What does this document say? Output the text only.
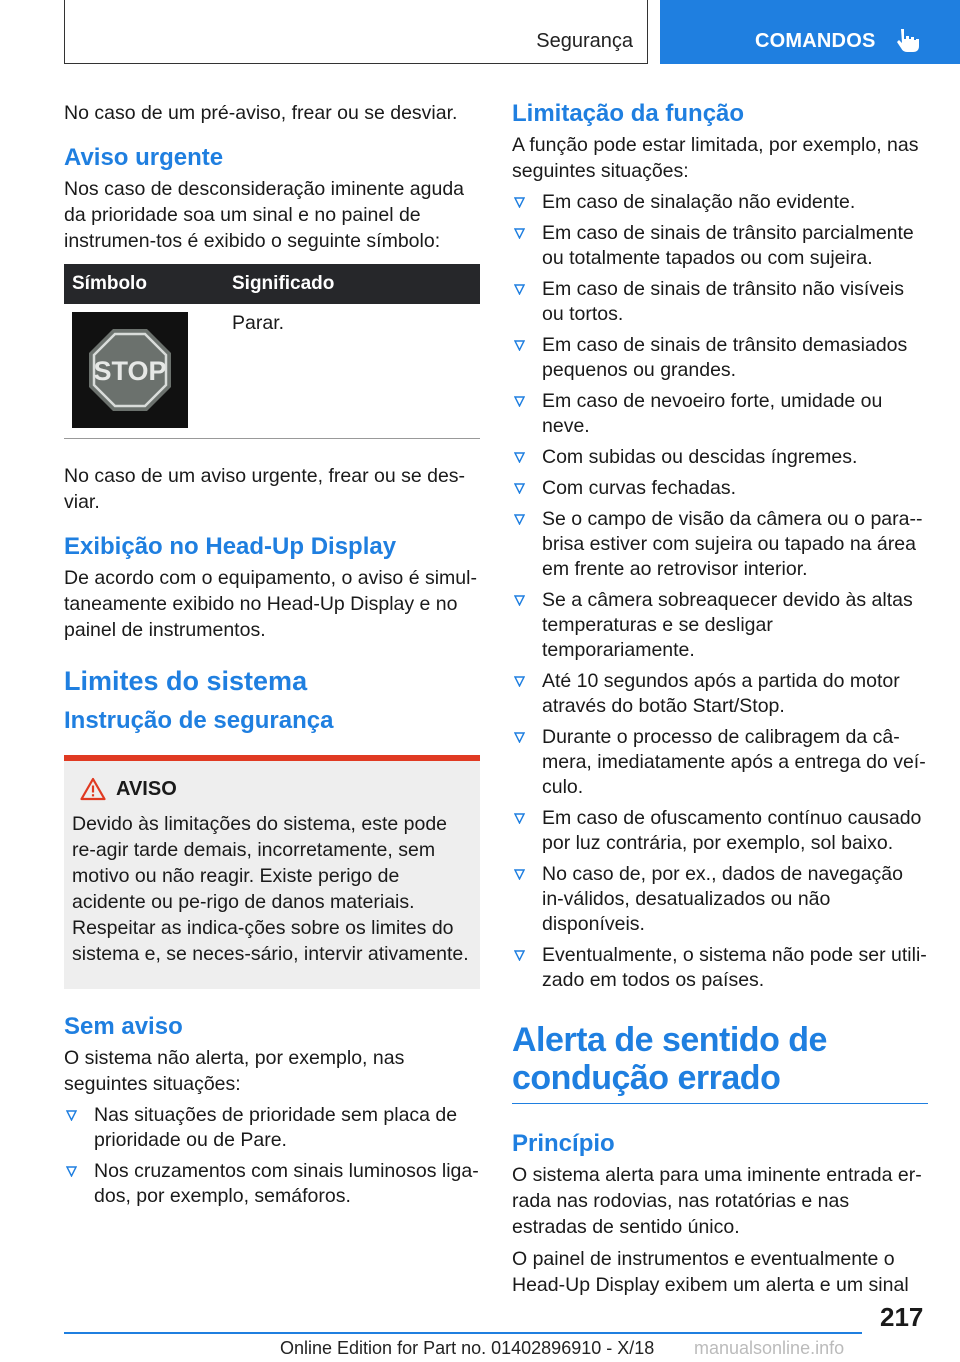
Segurança	COMANDOS

No caso de um pré-aviso, frear ou se desviar.

Aviso urgente

Nos caso de desconsideração iminente aguda da prioridade soa um sinal e no painel de instrumen-tos é exibido o seguinte símbolo:

Símbolo	Significado

STOP	Parar.

No caso de um aviso urgente, frear ou se des-viar.

Exibição no Head-Up Display

De acordo com o equipamento, o aviso é simul-taneamente exibido no Head-Up Display e no painel de instrumentos.

Limites do sistema
Instrução de segurança
AVISO

Devido às limitações do sistema, este pode re-agir tarde demais, incorretamente, sem motivo ou não reagir. Existe perigo de acidente ou pe-rigo de danos materiais. Respeitar as indica-ções sobre os limites do sistema e, se neces-sário, intervir ativamente.

Sem aviso

O sistema não alerta, por exemplo, nas seguintes situações:

Nas situações de prioridade sem placa de prioridade ou de Pare.
Nos cruzamentos com sinais luminosos liga-dos, por exemplo, semáforos.
Limitação da função

A função pode estar limitada, por exemplo, nas seguintes situações:

Em caso de sinalação não evidente.
Em caso de sinais de trânsito parcialmente ou totalmente tapados ou com sujeira.
Em caso de sinais de trânsito não visíveis ou tortos.
Em caso de sinais de trânsito demasiados pequenos ou grandes.
Em caso de nevoeiro forte, umidade ou neve.
Com subidas ou descidas íngremes.
Com curvas fechadas.
Se o campo de visão da câmera ou o para--brisa estiver com sujeira ou tapado na área em frente ao retrovisor interior.
Se a câmera sobreaquecer devido às altas temperaturas e se desligar temporariamente.
Até 10 segundos após a partida do motor através do botão Start/Stop.
Durante o processo de calibragem da câ-mera, imediatamente após a entrega do veí-culo.
Em caso de ofuscamento contínuo causado por luz contrária, por exemplo, sol baixo.
No caso de, por ex., dados de navegação in-válidos, desatualizados ou não disponíveis.
Eventualmente, o sistema não pode ser utili-zado em todos os países.
Alerta de sentido de condução errado
Princípio

O sistema alerta para uma iminente entrada er-rada nas rodovias, nas rotatórias e nas estradas de sentido único.

O painel de instrumentos e eventualmente o Head-Up Display exibem um alerta e um sinal

217
Online Edition for Part no. 01402896910 - X/18 manualsonline.info
